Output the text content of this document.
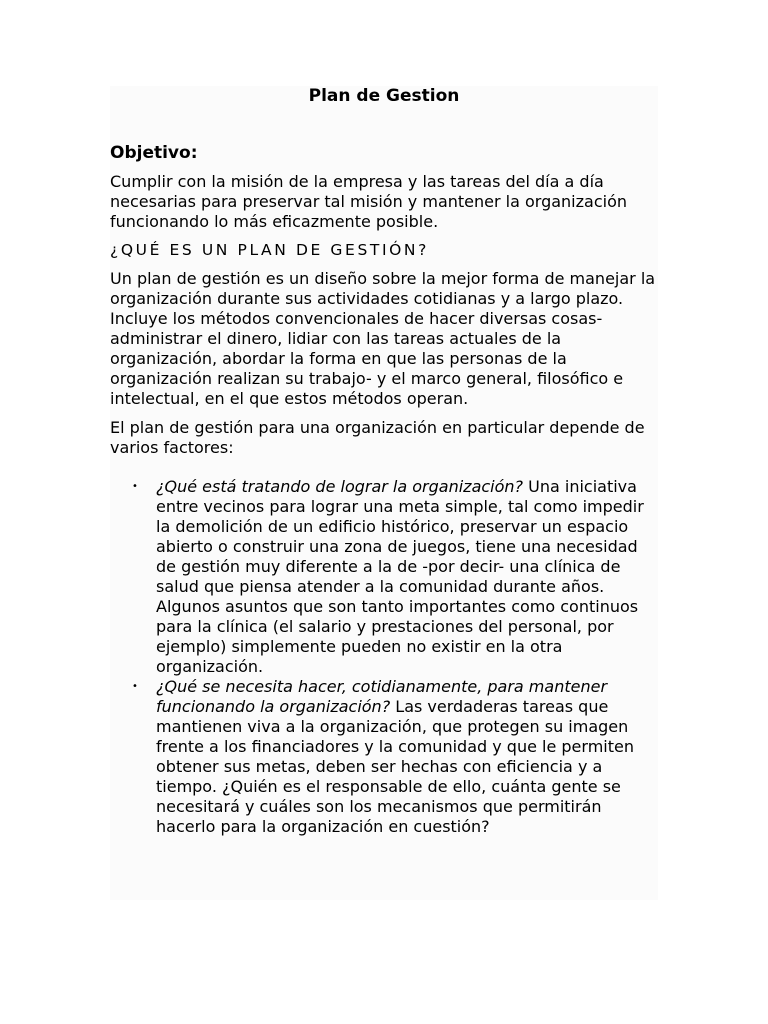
Plan de Gestion
Objetivo:

Cumplir con la misión de la empresa y las tareas del día a día necesarias para preservar tal misión y mantener la organización funcionando lo más eficazmente posible.

¿QUÉ ES UN PLAN DE GESTIÓN?

Un plan de gestión es un diseño sobre la mejor forma de manejar la organización durante sus actividades cotidianas y a largo plazo. Incluye los métodos convencionales de hacer diversas cosas- administrar el dinero, lidiar con las tareas actuales de la organización, abordar la forma en que las personas de la organización realizan su trabajo- y el marco general, filosófico e intelectual, en el que estos métodos operan.

El plan de gestión para una organización en particular depende de varios factores:

• ¿Qué está tratando de lograr la organización? Una iniciativa entre vecinos para lograr una meta simple, tal como impedir la demolición de un edificio histórico, preservar un espacio abierto o construir una zona de juegos, tiene una necesidad de gestión muy diferente a la de -por decir- una clínica de salud que piensa atender a la comunidad durante años. Algunos asuntos que son tanto importantes como continuos para la clínica (el salario y prestaciones del personal, por ejemplo) simplemente pueden no existir en la otra organización.
• ¿Qué se necesita hacer, cotidianamente, para mantener funcionando la organización? Las verdaderas tareas que mantienen viva a la organización, que protegen su imagen frente a los financiadores y la comunidad y que le permiten obtener sus metas, deben ser hechas con eficiencia y a tiempo. ¿Quién es el responsable de ello, cuánta gente se necesitará y cuáles son los mecanismos que permitirán hacerlo para la organización en cuestión?
